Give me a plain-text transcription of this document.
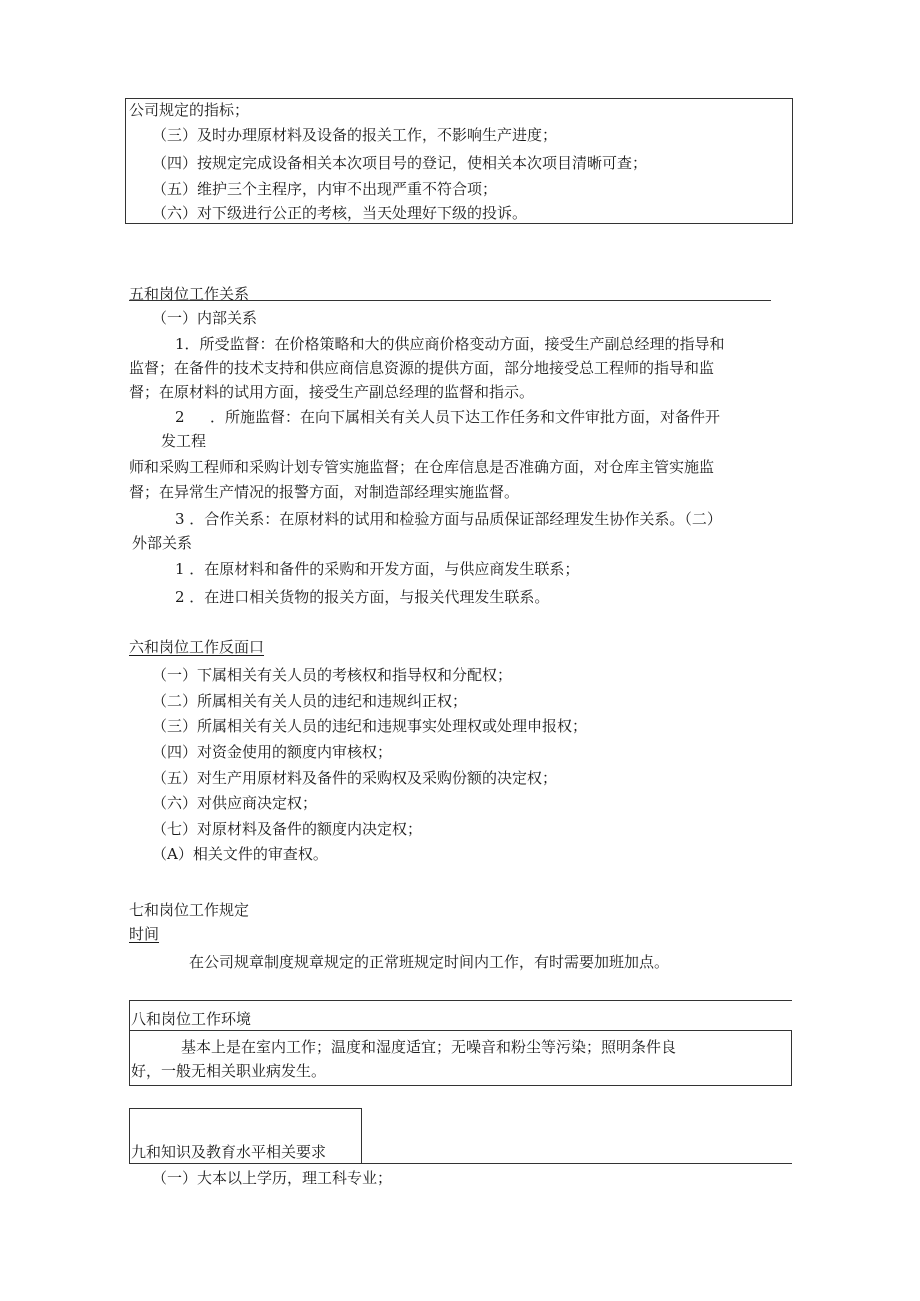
公司规定的指标；
（三）及时办理原材料及设备的报关工作，不影响生产进度；
（四）按规定完成设备相关本次项目号的登记，使相关本次项目清晰可查；
（五）维护三个主程序，内审不出现严重不符合项；
（六）对下级进行公正的考核，当天处理好下级的投诉。
五和岗位工作关系
（一）内部关系
1．所受监督：在价格策略和大的供应商价格变动方面，接受生产副总经理的指导和
监督；在备件的技术支持和供应商信息资源的提供方面，部分地接受总工程师的指导和监
督；在原材料的试用方面，接受生产副总经理的监督和指示。
2 ．所施监督：在向下属相关有关人员下达工作任务和文件审批方面，对备件开
发工程
师和采购工程师和采购计划专管实施监督；在仓库信息是否准确方面，对仓库主管实施监
督；在异常生产情况的报警方面，对制造部经理实施监督。
3 ．合作关系：在原材料的试用和检验方面与品质保证部经理发生协作关系。（二）
外部关系
1 ．在原材料和备件的采购和开发方面，与供应商发生联系；
2 ．在进口相关货物的报关方面，与报关代理发生联系。
六和岗位工作反面口
（一）下属相关有关人员的考核权和指导权和分配权；
（二）所属相关有关人员的违纪和违规纠正权；
（三）所属相关有关人员的违纪和违规事实处理权或处理申报权；
（四）对资金使用的额度内审核权；
（五）对生产用原材料及备件的采购权及采购份额的决定权；
（六）对供应商决定权；
（七）对原材料及备件的额度内决定权；
（A）相关文件的审查权。
七和岗位工作规定
时间
在公司规章制度规章规定的正常班规定时间内工作，有时需要加班加点。
八和岗位工作环境
基本上是在室内工作；温度和湿度适宜；无噪音和粉尘等污染；照明条件良
好，一般无相关职业病发生。
九和知识及教育水平相关要求
（一）大本以上学历，理工科专业；
